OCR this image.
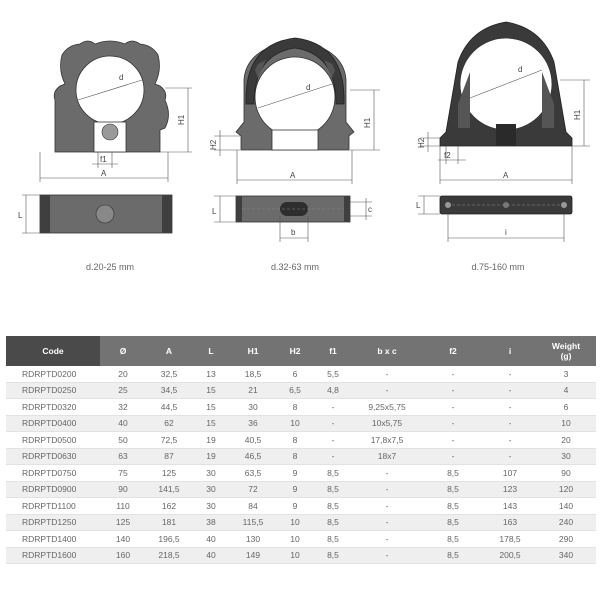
d
H1
f1
A
L
d
H1
H2
A
L	c
b
d
H1
H2
f2
A
L
i
d.20-25 mm	d.32-63 mm	d.75-160 mm
Code	Ø	A	L	H1	H2	f1	b x c	f2	i	Weight
(g)
RDRPTD0200	20	32,5	13	18,5	6	5,5	-	-	-	3
RDRPTD0250	25	34,5	15	21	6,5	4,8	-	-	-	4
RDRPTD0320	32	44,5	15	30	8	-	9,25x5,75	-	-	6
RDRPTD0400	40	62	15	36	10	-	10x5,75	-	-	10
RDRPTD0500	50	72,5	19	40,5	8	-	17,8x7,5	-	-	20
RDRPTD0630	63	87	19	46,5	8	-	18x7	-	-	30
RDRPTD0750	75	125	30	63,5	9	8,5	-	8,5	107	90
RDRPTD0900	90	141,5	30	72	9	8,5	-	8,5	123	120
RDRPTD1100	110	162	30	84	9	8,5	-	8,5	143	140
RDRPTD1250	125	181	38	115,5	10	8,5	-	8,5	163	240
RDRPTD1400	140	196,5	40	130	10	8,5	-	8,5	178,5	290
RDRPTD1600	160	218,5	40	149	10	8,5	-	8,5	200,5	340
